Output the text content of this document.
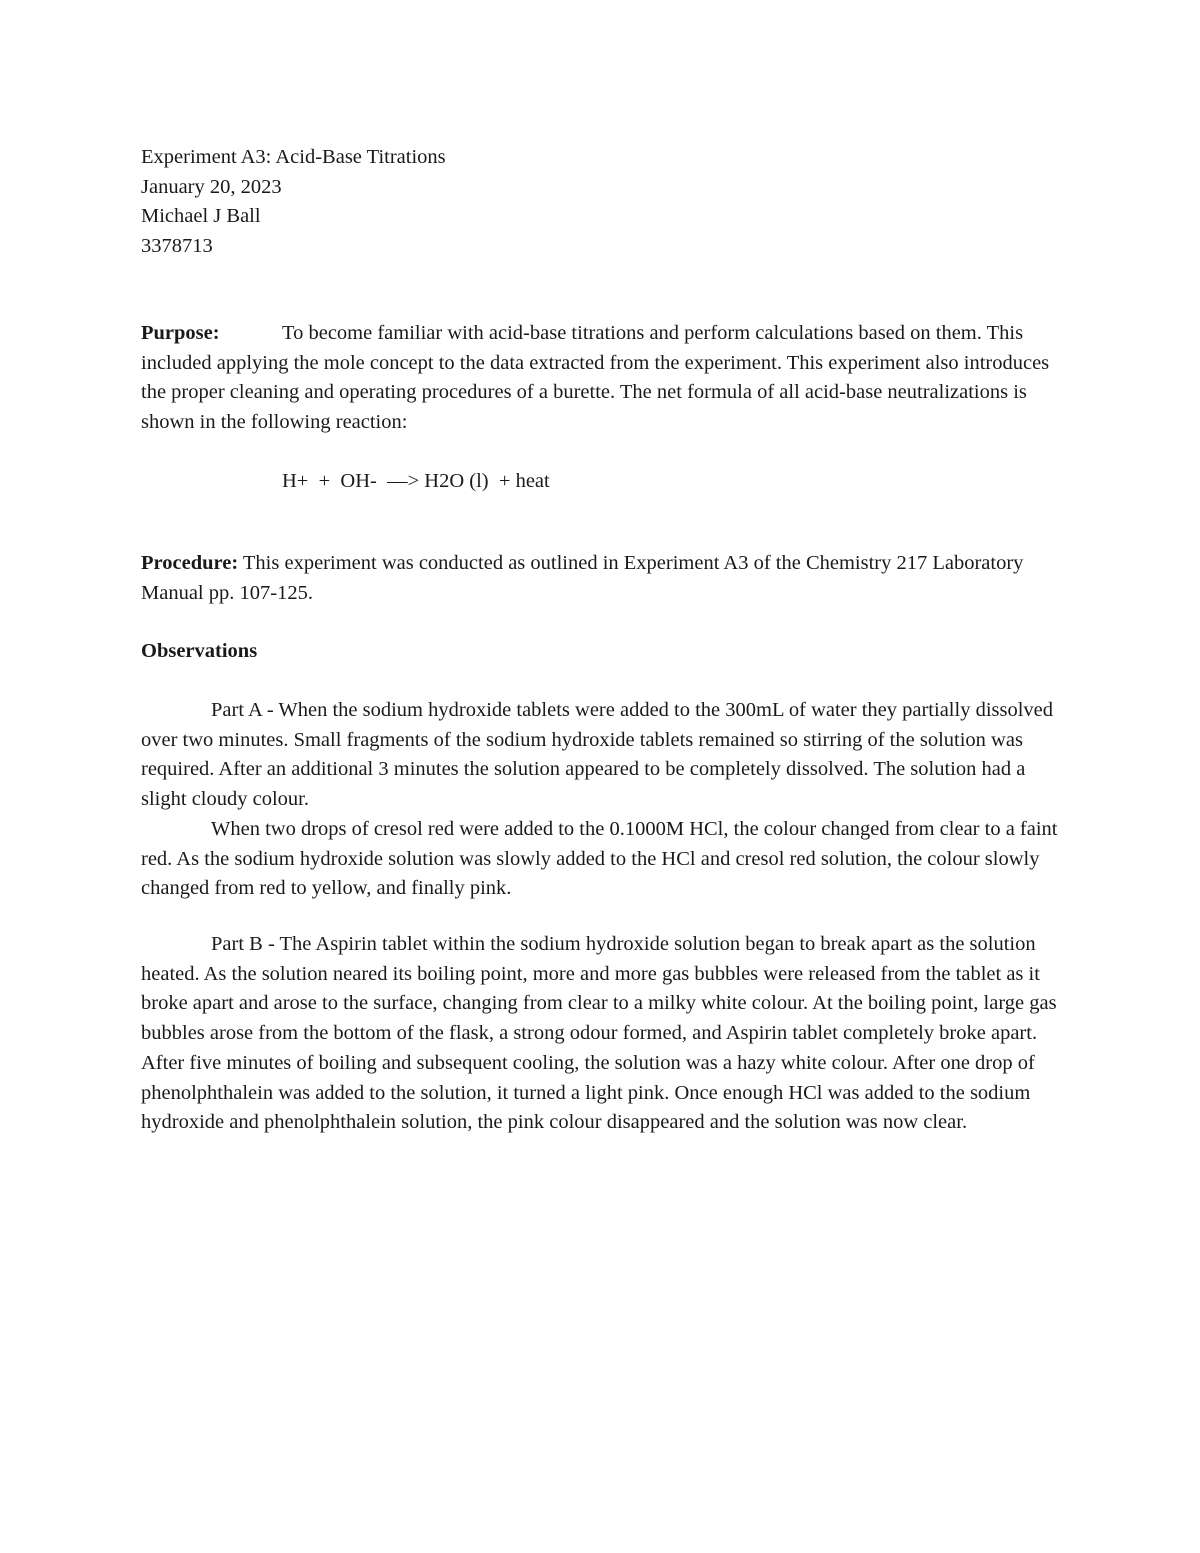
Experiment A3: Acid-Base Titrations
January 20, 2023
Michael J Ball
3378713

Purpose:	To become familiar with acid-base titrations and perform calculations based on them. This included applying the mole concept to the data extracted from the experiment. This experiment also introduces the proper cleaning and operating procedures of a burette. The net formula of all acid-base neutralizations is shown in the following reaction:

H+  +  OH-  —> H2O (l)  + heat

Procedure: This experiment was conducted as outlined in Experiment A3 of the Chemistry 217 Laboratory Manual pp. 107-125.

Observations

Part A - When the sodium hydroxide tablets were added to the 300mL of water they partially dissolved over two minutes. Small fragments of the sodium hydroxide tablets remained so stirring of the solution was required. After an additional 3 minutes the solution appeared to be completely dissolved. The solution had a slight cloudy colour.

When two drops of cresol red were added to the 0.1000M HCl, the colour changed from clear to a faint red. As the sodium hydroxide solution was slowly added to the HCl and cresol red solution, the colour slowly changed from red to yellow, and finally pink.

Part B - The Aspirin tablet within the sodium hydroxide solution began to break apart as the solution heated. As the solution neared its boiling point, more and more gas bubbles were released from the tablet as it broke apart and arose to the surface, changing from clear to a milky white colour. At the boiling point, large gas bubbles arose from the bottom of the flask, a strong odour formed, and Aspirin tablet completely broke apart. After five minutes of boiling and subsequent cooling, the solution was a hazy white colour. After one drop of phenolphthalein was added to the solution, it turned a light pink. Once enough HCl was added to the sodium hydroxide and phenolphthalein solution, the pink colour disappeared and the solution was now clear.
